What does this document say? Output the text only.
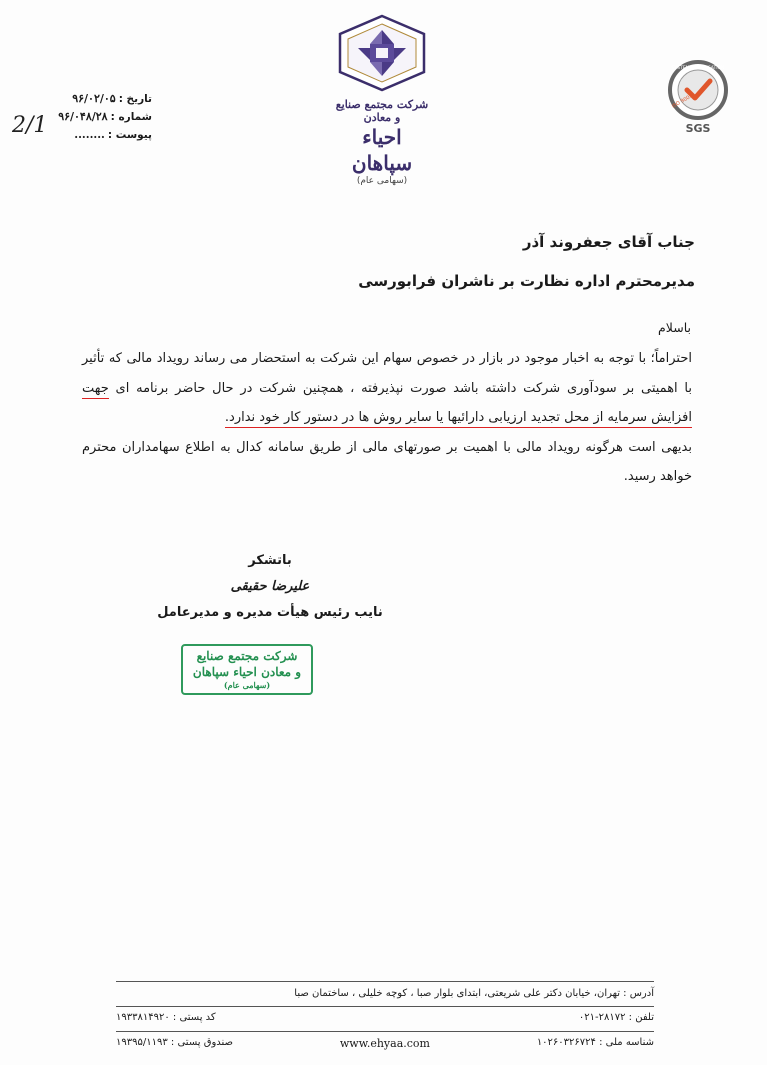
تاریخ :
۹۶/۰۲/۰۵
شماره :
۹۶/۰۴۸/۲۸
پیوست :
........
2/1
شرکت مجتمع صنایع و معادن
احیاء سپاهان
(سهامی عام)
SYSTEM CERTIFICATION
ISO 9001
SGS
جناب آقای جعفروند آذر
مدیرمحترم اداره نظارت بر ناشران فرابورسی
باسلام

احتراماً؛ با توجه به اخبار موجود در بازار در خصوص سهام این شرکت به استحضار می رساند رویداد مالی که تأثیر با اهمیتی بر سودآوری شرکت داشته باشد صورت نپذیرفته ، همچنین شرکت در حال حاضر برنامه ای جهت افزایش سرمایه از محل تجدید ارزیابی دارائیها یا سایر روش ها در دستور کار خود ندارد.

بدیهی است هرگونه رویداد مالی با اهمیت بر صورتهای مالی از طریق سامانه کدال به اطلاع سهامداران محترم خواهد رسید.

باتشکر
علیرضا حقیقی
نایب رئیس هیأت مدیره و مدیرعامل
شرکت مجتمع صنایع
و معادن احیاء سپاهان
(سهامی عام)
آدرس : تهران، خیابان دکتر علی شریعتی، ابتدای بلوار صبا ، کوچه خلیلی ، ساختمان صبا
تلفن : ۲۸۱۷۲-۰۲۱
کد پستی : ۱۹۳۳۸۱۴۹۲۰
شناسه ملی : ۱۰۲۶۰۳۲۶۷۲۴
www.ehyaa.com
صندوق پستی : ۱۹۳۹۵/۱۱۹۳
